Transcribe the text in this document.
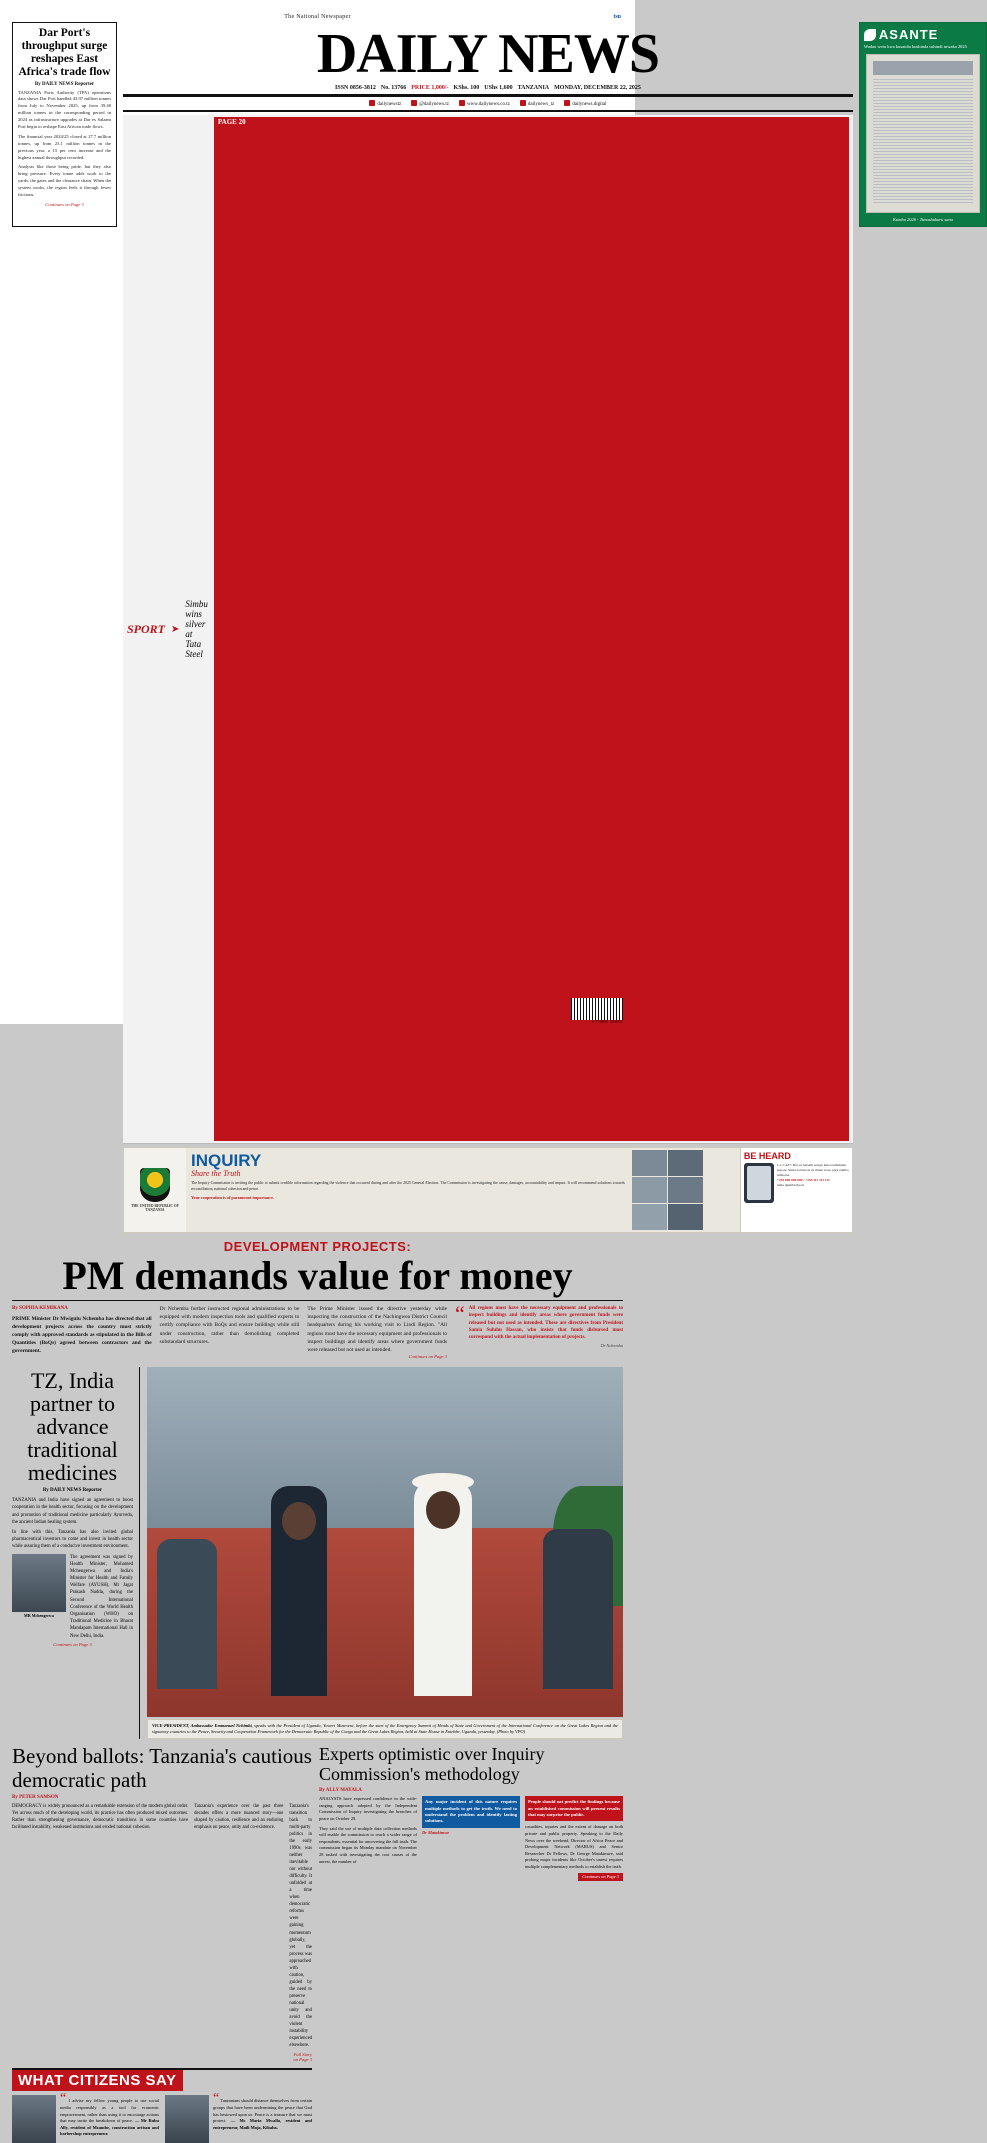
The National Newspaper
Dar Port's throughput surge reshapes East Africa's trade flow
By DAILY NEWS Reporter

TANZANIA Ports Authority (TPA) operations data shows Dar Port handled 43.97 million tonnes from July to November 2025, up from 39.40 million tonnes in the corresponding period in 2024 as infrastructure upgrades at Dar es Salaam Port begin to reshape East African trade flows.

The financial year 2024/25 closed at 27.7 million tonnes, up from 23.1 million tonnes in the previous year, a 15 per cent increase and the highest annual throughput recorded.

Analysts like those being pride, but they also bring pressure. Every tonne adds work to the yards, the gates and the clearance chain. When the system works, the region feels it through fewer frictions.

Continues on Page 3
DAILY NEWS
ISSN 0856-3812 No. 13766 PRICE 1,000/- KShs. 100 UShs 1,600 TANZANIA MONDAY, DECEMBER 22, 2025
dailynewstz	@dailynews.tz	www.dailynews.co.tz	dailynews_tz	dailynews.digital
SPORT ➤
Simbu wins silver at Tata Steel
PAGE 20
THE UNITED REPUBLIC OF TANZANIA
INQUIRY
Share the Truth
The Inquiry Commission is inviting the public to submit credible information regarding the violence that occurred during and after the 2025 General Election. The Commission is investigating the cause, damages, accountability and impact. It will recommend solutions towards reconciliation, national cohesion and peace.
Your cooperation is of paramount importance.
BE HEARD
1-1-7-427: Dar es Salaam wenye kutoa ushuhuda popote. Simu za bure ni za muda wote, piga namba tulizotoa.
+255 000 000 000 / +255 111 111 111
tuma ujumbe/ripoti
ASANTE
Wadau wetu kwa kusaidia kushinda ushindi mwaka 2025
Kumbu 2026 - Tunashukuru sana
tsn
DEVELOPMENT PROJECTS:
PM demands value for money
By SOPHIA KEMIKANA
PRIME Minister Dr Mwigulu Nchemba has directed that all development projects across the country must strictly comply with approved standards as stipulated in the Bills of Quantities (BoQs) agreed between contractors and the government.
Dr Nchemba further instructed regional administrations to be equipped with modern inspection tools and qualified experts to certify compliance with BoQs and ensure buildings while still under construction, rather than demolishing completed substandard structures.
The Prime Minister issued the directive yesterday while inspecting the construction of the Nachingwea District Council headquarters during his working visit to Lindi Region. "All regions must have the necessary equipment and professionals to inspect buildings and identify areas where government funds were released but not used as intended.
Continues on Page 3
“ All regions must have the necessary equipment and professionals to inspect buildings and identify areas where government funds were released but not used as intended. These are directives from President Samia Suluhu Hassan, who insists that funds disbursed must correspond with the actual implementation of projects.
Dr Nchemba
TZ, India partner to advance traditional medicines
By DAILY NEWS Reporter
TANZANIA and India have signed an agreement to boost cooperation in the health sector, focusing on the development and promotion of traditional medicine particularly Ayurveda, the ancient Indian healing system.
In line with this, Tanzania has also invited global pharmaceutical investors to come and invest in health sector while assuring them of a conducive investment environment.
MR Mchengerwa
The agreement was signed by Health Minister, Mohamed Mchengerwa and India's Minister for Health and Family Welfare (AYUSH), Mr Jagat Prakash Nadda, during the Second International Conference of the World Health Organisation (WHO) on Traditional Medicine in Bharat Mandapam International Hall in New Delhi, India.
Continues on Page 3
VICE-PRESIDENT, Ambassador Emmanuel Nchimbi, speaks with the President of Uganda, Yoweri Museveni, before the start of the Emergency Summit of Heads of State and Government of the International Conference on the Great Lakes Region and the signatory countries to the Peace, Security and Cooperation Framework for the Democratic Republic of the Congo and the Great Lakes Region, held at State House in Entebbe, Uganda, yesterday. (Photo by VPO)
Beyond ballots: Tanzania's cautious democratic path
By PETER SAMSON

DEMOCRACY is widely pronounced as a remarkable extension of the modern global order. Yet across much of the developing world, its practice has often produced mixed outcomes. Rather than strengthening governance, democratic transitions in some countries have facilitated instability, weakened institutions and eroded national cohesion.

Tanzania's experience over the past three decades offers a more nuanced story—one shaped by caution, resilience and an enduring emphasis on peace, unity and co-existence.

Tanzania's transition back to multi-party politics in the early 1990s was neither inevitable nor without difficulty. It unfolded at a time when democratic reforms were gaining momentum globally, yet the process was approached with caution, guided by the need to preserve national unity and avoid the violent instability experienced elsewhere.

Full Story on Page 3
WHAT CITIZENS SAY
“ I advise my fellow young people to use social media responsibly as a tool for economic empowerment, rather than using it to encourage actions that may incite the breakdown of peace. — Mr Rubu Ally, resident of Mzambe, construction artisan and barbershop entrepreneur.
“ Tanzanians should distance themselves from certain groups that have been undermining the peace that God has bestowed upon us. Peace is a treasure that we must protect. — Ms Maria Mwalla, resident and entrepreneur, Maili Moja, Kibaha.
Experts optimistic over Inquiry Commission's methodology
By ALLY MAYALA
ANALYSTS have expressed confidence in the wide-ranging approach adopted by the Independent Commission of Inquiry investigating the breaches of peace on October 29.
They said the use of multiple data collection methods will enable the commission to reach a wider range of respondents, essential for uncovering the full truth. The commission began its Monday mandate on November 28 tasked with investigating the root causes of the unrest, the number of
Any major incident of this nature requires multiple methods to get the truth. We need to understand the problem and identify lasting solutions.
Dr Matakimwe
People should not predict the findings because an established commission will present results that may surprise the public.
casualties, injuries and the extent of damage on both private and public property. Speaking to the Daily News over the weekend, Director of Africa Peace and Development Network (MARUS) and Senior Researcher Dr Fellows, Dr George Matakimwe, said probing major incidents like October's unrest requires multiple complementary methods to establish the truth.
Continues on Page 3
9 770856 381002
